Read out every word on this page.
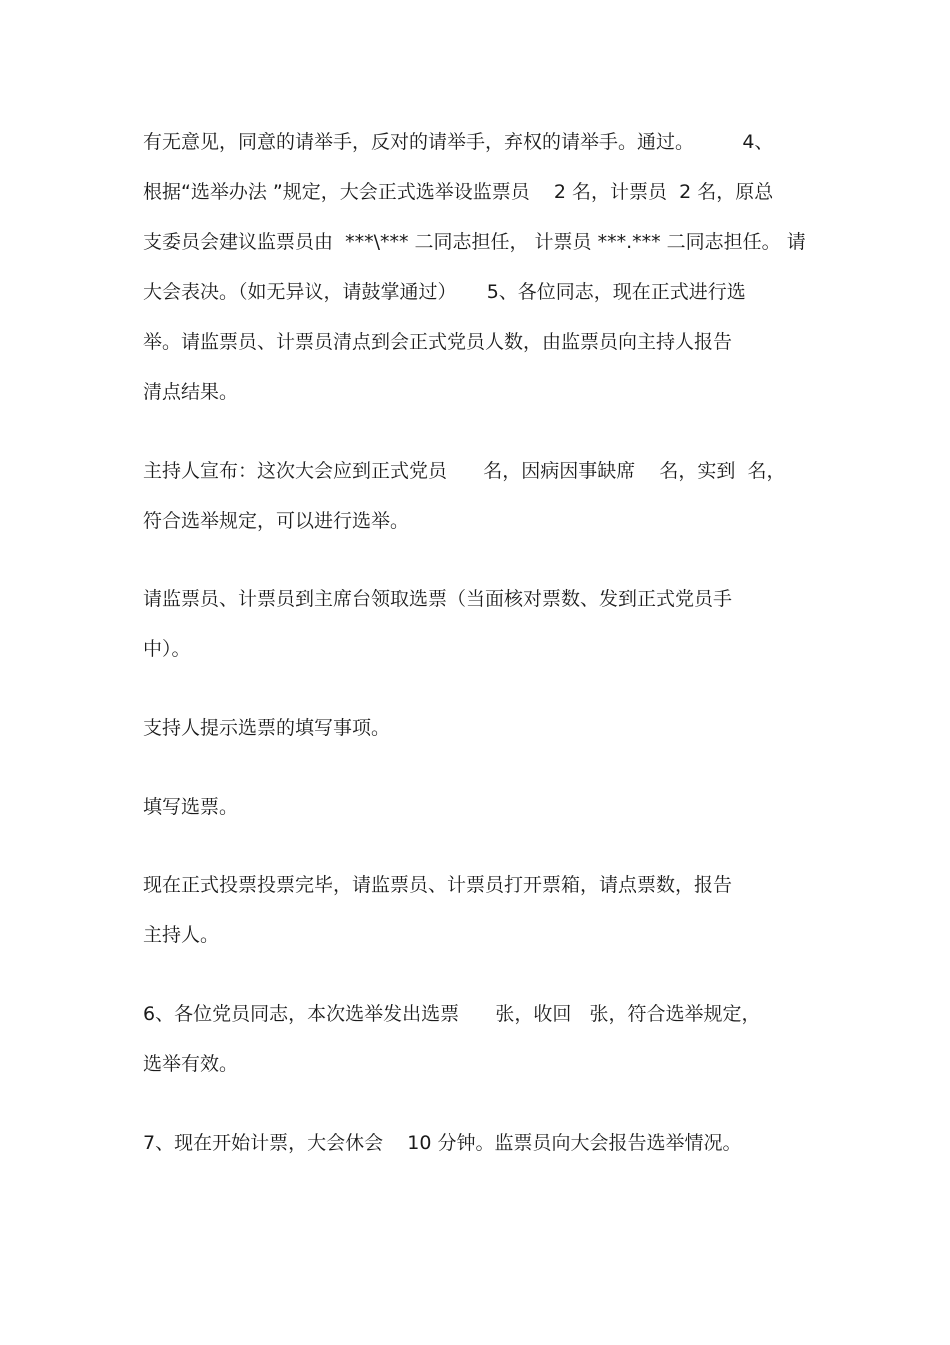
有无意见，同意的请举手，反对的请举手，弃权的请举手。通过。        4、

根据“选举办法 ”规定，大会正式选举设监票员    2 名，计票员  2 名，原总

支委员会建议监票员由  ***\*** 二同志担任， 计票员 ***.*** 二同志担任。 请

大会表决。（如无异议，请鼓掌通过）     5、各位同志，现在正式进行选

举。请监票员、计票员清点到会正式党员人数，由监票员向主持人报告

清点结果。

主持人宣布：这次大会应到正式党员      名，因病因事缺席    名，实到  名，

符合选举规定，可以进行选举。

请监票员、计票员到主席台领取选票（当面核对票数、发到正式党员手

中）。

支持人提示选票的填写事项。

填写选票。

现在正式投票投票完毕，请监票员、计票员打开票箱，请点票数，报告

主持人。

6、各位党员同志，本次选举发出选票      张，收回   张，符合选举规定，

选举有效。

7、现在开始计票，大会休会    10 分钟。监票员向大会报告选举情况。
